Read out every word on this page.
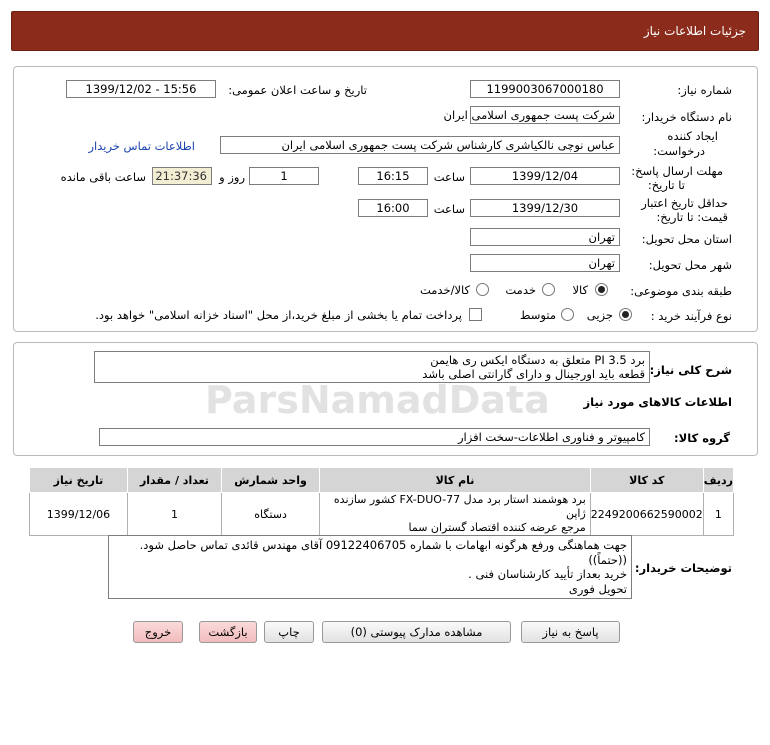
جزئیات اطلاعات نیاز
شماره نیاز:
1199003067000180
تاریخ و ساعت اعلان عمومی:
1399/12/02 - 15:56
نام دستگاه خریدار:
شرکت پست جمهوری اسلامی ایران
ایجاد کننده
درخواست:
عباس نوچی نالکیاشری کارشناس شرکت پست جمهوری اسلامی ایران
اطلاعات تماس خریدار
مهلت ارسال پاسخ:
تا تاریخ:
1399/12/04
ساعت
16:15
1
روز و
21:37:36
ساعت باقی مانده
حداقل تاریخ اعتبار
قیمت: تا تاریخ:
1399/12/30
ساعت
16:00
استان محل تحویل:
تهران
شهر محل تحویل:
تهران
طبقه بندی موضوعی:
کالا
خدمت
کالا/خدمت
نوع فرآیند خرید :
جزیی
متوسط
پرداخت تمام یا بخشی از مبلغ خرید،از محل "اسناد خزانه اسلامی" خواهد بود.
شرح کلی نیاز:
برد PI 3.5 متعلق به دستگاه ایکس ری هایمن
قطعه باید اورجینال و دارای گارانتی اصلی باشد
اطلاعات کالاهای مورد نیاز
گروه کالا:
کامپیوتر و فناوری اطلاعات-سخت افزار
ردیف	کد کالا	نام کالا	واحد شمارش	تعداد / مقدار	تاریخ نیاز
1	2249200662590002	برد هوشمند استار برد مدل FX-DUO-77 کشور سازنده ژاپن
مرجع عرضه کننده اقتصاد گستران سما	دستگاه	1	1399/12/06
توضیحات خریدار:
جهت هماهنگی ورفع هرگونه ابهامات با شماره 09122406705 آقای مهندس قائدی تماس حاصل شود.
((حتماً))
خرید بعداز تأیید کارشناسان فنی .
تحویل فوری
پاسخ به نیاز
مشاهده مدارک پیوستی (0)
چاپ
بازگشت
خروج
ParsNamadData
